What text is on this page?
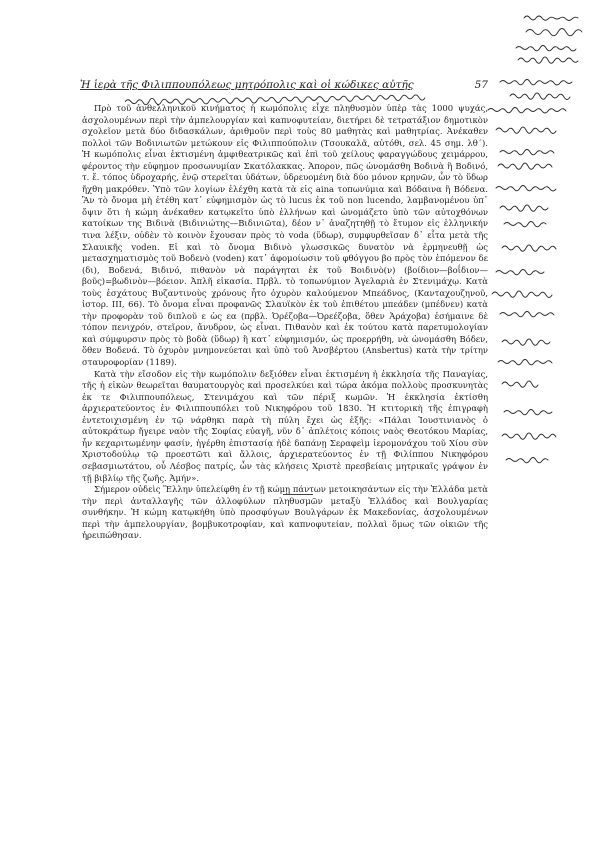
Ἡ ἱερὰ τῆς Φιλιππουπόλεως μητρόπολις καὶ οἱ κώδικες αὐτῆς	57

Πρὸ τοῦ ἀνθελληνικοῦ κινήματος ἡ κωμόπολις εἶχε πληθυσμὸν ὑπὲρ τὰς 1000 ψυχάς, ἀσχολουμένων περὶ τὴν ἀμπελουργίαν καὶ καπνοφυτείαν, διετήρει δὲ τετρατάξιον δημοτικὸν σχολεῖον μετὰ δύο διδασκάλων, ἀριθμοῦν περὶ τοὺς 80 μαθητὰς καὶ μαθητρίας. Ἀνέκαθεν πολλοὶ τῶν Βοδινιωτῶν μετώκουν εἰς Φιλιππούπολιν (Τσουκαλᾶ, αὐτόθι, σελ. 45 σημ. λθ΄). Ἡ κωμόπολις εἶναι ἐκτισμένη ἀμφιθεατρικῶς καὶ ἐπὶ τοῦ χείλους φαραγγώδους χειμάρρου, φέροντος τὴν εὐφημον προσωνυμίαν Σκατόλακκας. Ἀπορον, πῶς ὠνομάσθη Βοδινὰ ἢ Βοδινό, τ. ἔ. τόπος ὑδροχαρής, ἐνῷ στερεῖται ὑδάτων, ὑδρευομένη διὰ δύο μόνον κρηνῶν, ὧν τὸ ὕδωρ ἤχθη μακρόθεν. Ὑπὸ τῶν λογίων ἐλέχθη κατὰ τὰ εἰς aina τοπωνύμια καὶ Βόδαινα ἢ Βόδενα. Ἂν τὸ ὄνομα μὴ ἐτέθη κατ᾿ εὐφημισμὸν ὡς τὸ lucus ἐκ τοῦ non lucendo, λαμβανομένου ὑπ᾿ ὄψιν ὅτι ἡ κώμη ἀνέκαθεν κατῳκεῖτο ὑπὸ ἑλλήνων καὶ ὠνομάζετο ὑπὸ τῶν αὐτοχθόνων κατοίκων της Βιδινὰ (Βιδινιώτης—Βιδινιῶτα), δέον ν᾿ ἀναζητηθῇ τὸ ἔτυμον εἰς ἑλληνικήν τινα λέξιν, οὐδὲν τὸ κοινὸν ἔχουσαν πρὸς τὸ voda (ὕδωρ), συμφυρθεῖσαν δ᾿ εἶτα μετὰ τῆς Σλαυικῆς voden. Εἰ καὶ τὸ ὄνομα Βιδινὸ γλωσσικῶς δυνατὸν νὰ ἑρμηνευθῇ ὡς μετασχηματισμὸς τοῦ Βοδενὸ (voden) κατ᾿ ἀφομοίωσιν τοῦ φθόγγου βο πρὸς τὸν ἑπόμενον δε (δι), Βοδενά, Βιδινό, πιθανὸν νὰ παράγηται ἐκ τοῦ Βοιδινὸ(ν) (βοίδιον—βοΐδιον—βοῦς)=βωδινὸν—βόειον. Ἀπλῆ εἰκασία. Πρβλ. τὸ τοπωνύμιον Ἀγελαριὰ ἐν Στενιμάχῳ. Κατὰ τοὺς ἐσχάτους Βυζαντινοὺς χρόνους ἦτο ὀχυρὸν καλούμενον Μπεάδνος, (Κανταχουζηνοῦ, ἱστορ. III, 66). Τὸ ὄνομα εἶναι προφανῶς Σλαυϊκὸν ἐκ τοῦ ἐπιθέτου μπεάδεν (μπέδνεν) κατὰ τὴν προφορὰν τοῦ διπλοῦ ε ὡς εα (πρβλ. Ὀρέζοβα—Ὀρεέζοβα, ὅθεν Ἀράχοβα) ἐσήμαινε δὲ τόπον πενιχρόν, στεῖρον, ἄνυδρον, ὡς εἶναι. Πιθανὸν καὶ ἐκ τούτου κατὰ παρετυμολογίαν καὶ σύμφυρσιν πρὸς τὸ βοδὰ (ὕδωρ) ἢ κατ᾿ εὐφημισμόν, ὡς προερρήθη, νὰ ὠνομάσθη Βόδεν, ὅθεν Βοδενά. Τὸ ὀχυρὸν μνημονεύεται καὶ ὑπὸ τοῦ Ἀνσβέρτου (Ansbertus) κατὰ τὴν τρίτην σταυροφορίαν (1189).

Κατὰ τὴν εἴσοδον εἰς τὴν κωμόπολιν δεξιόθεν εἶναι ἐκτισμένη ἡ ἐκκλησία τῆς Παναγίας, τῆς ἡ εἰκὼν θεωρεῖται θαυματουργὸς καὶ προσελκύει καὶ τώρα ἀκόμα πολλοὺς προσκυνητὰς ἐκ τε Φιλιππουπόλεως, Στενιμάχου καὶ τῶν πέριξ κωμῶν. Ἡ ἐκκλησία ἐκτίσθη ἀρχιερατεύοντος ἐν Φιλιππουπόλει τοῦ Νικηφόρου τοῦ 1830. Ἡ κτιτορικὴ τῆς ἐπιγραφὴ ἐντετοιχισμένη ἐν τῷ νάρθηκι παρὰ τὴ πύλη ἔχει ὡς ἑξῆς: «Πάλαι Ἰουστινιανὸς ὁ αὐτοκράτωρ ἤγειρε ναὸν τῆς Σοφίας εὐαγῆ, νῦν δ᾿ ἀπλέτοις κόποις ναὸς Θεοτόκου Μαρίας, ἦν κεχαριτωμένην φασίν, ἠγέρθη ἐπιστασίᾳ ἠδὲ δαπάνῃ Σεραφεὶμ ἱερομονάχου τοῦ Χίου σὺν Χριστοδούλῳ τῷ προεστῶτι καὶ ἄλλοις, ἀρχιερατεύοντος ἐν τῇ Φιλίππου Νικηφόρου σεβασμιωτάτου, οὗ Λέσβος πατρίς, ὧν τὰς κλήσεις Χριστὲ πρεσβείαις μητρικαῖς γράψον ἐν τῇ βιβλίῳ τῆς ζωῆς. Ἀμήν».

Σήμερον οὐδεὶς Ἕλλην ὑπελείφθη ἐν τῇ κώμῃ πάντων μετοικησάντων εἰς τὴν Ἑλλάδα μετὰ τὴν περὶ ἀνταλλαγῆς τῶν ἀλλοφύλων πληθυσμῶν μεταξὺ Ἑλλάδος καὶ Βουλγαρίας συνθήκην. Ἡ κώμη κατῳκήθη ὑπὸ προσφύγων Βουλγάρων ἐκ Μακεδονίας, ἀσχολουμένων περὶ τὴν ἀμπελουργίαν, βομβυκοτροφίαν, καὶ καπνοφυτείαν, πολλαὶ ὅμως τῶν οἰκιῶν τῆς ἠρειπώθησαν.
